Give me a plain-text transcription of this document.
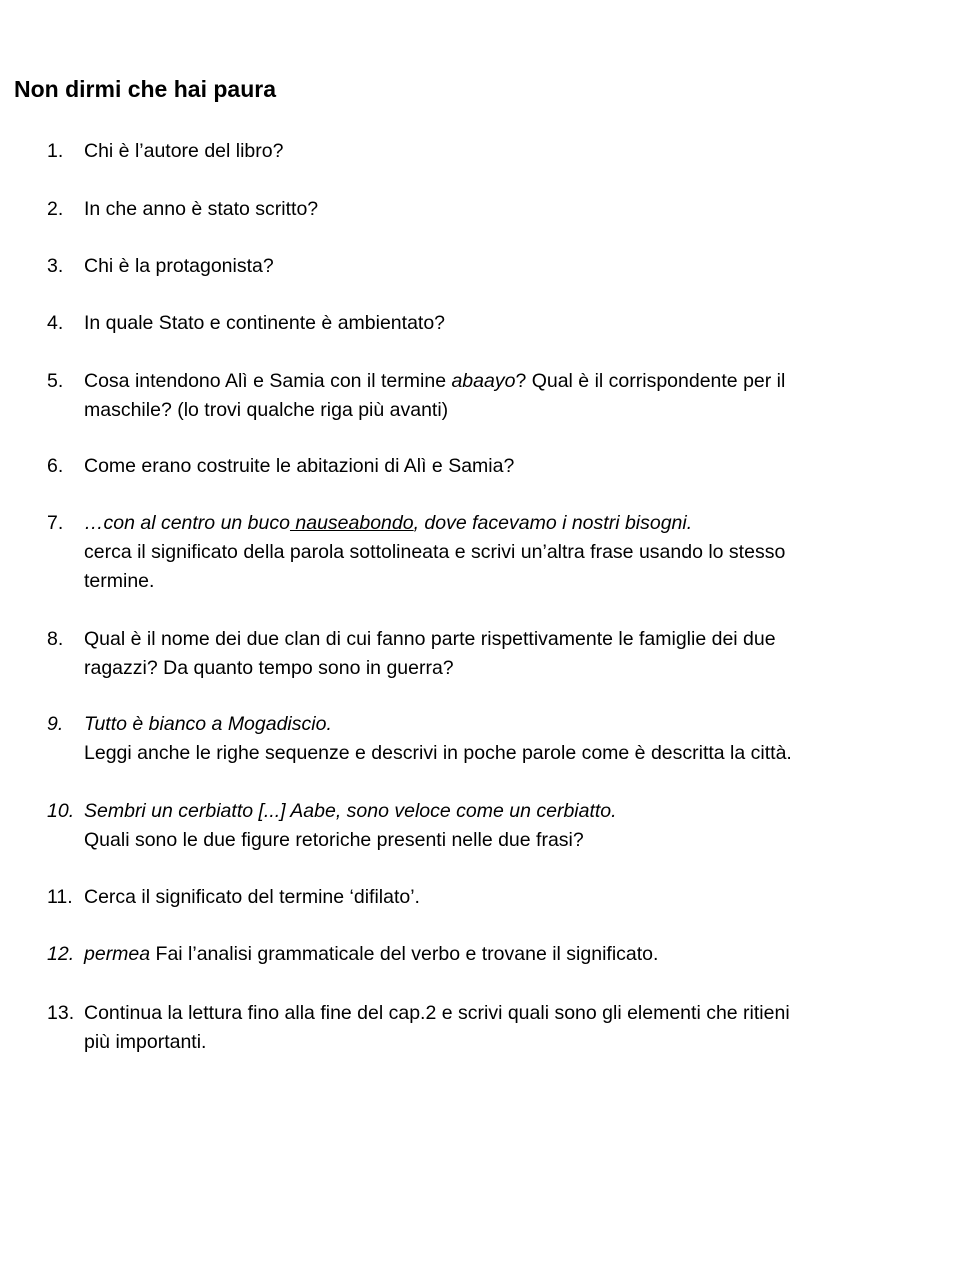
Non dirmi che hai paura
1. Chi è l’autore del libro?
2. In che anno è stato scritto?
3. Chi è la protagonista?
4. In quale Stato e continente è ambientato?
5. Cosa intendono Alì e Samia con il termine abaayo? Qual è il corrispondente per il
maschile? (lo trovi qualche riga più avanti)
6. Come erano costruite le abitazioni di Alì e Samia?
7. …con al centro un buco nauseabondo, dove facevamo i nostri bisogni.
cerca il significato della parola sottolineata e scrivi un’altra frase usando lo stesso
termine.
8. Qual è il nome dei due clan di cui fanno parte rispettivamente le famiglie dei due
ragazzi? Da quanto tempo sono in guerra?
9. Tutto è bianco a Mogadiscio.
Leggi anche le righe sequenze e descrivi in poche parole come è descritta la città.
10. Sembri un cerbiatto [...] Aabe, sono veloce come un cerbiatto.
Quali sono le due figure retoriche presenti nelle due frasi?
11. Cerca il significato del termine ‘difilato’.
12. permea Fai l’analisi grammaticale del verbo e trovane il significato.
13. Continua la lettura fino alla fine del cap.2 e scrivi quali sono gli elementi che ritieni
più importanti.
